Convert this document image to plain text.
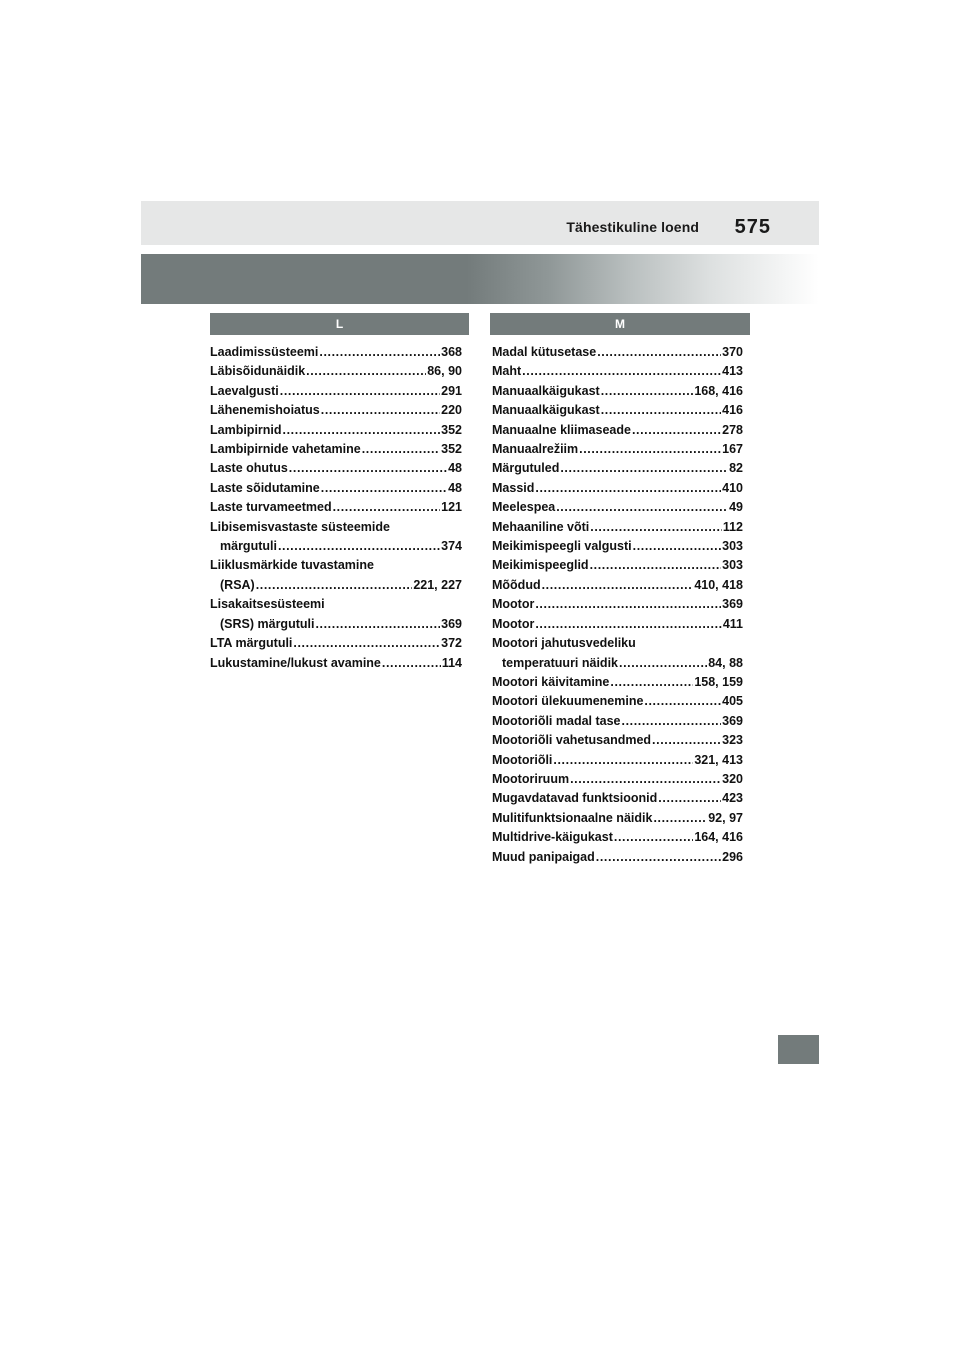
Tähestikuline loend 575
L	M
Laadimissüsteemi .....	368
Läbisõidunäidik .....	86, 90
Laevalgusti .....	291
Lähenemishoiatus .....	220
Lambipirnid .....	352
Lambipirnide vahetamine .....	352
Laste ohutus .....	48
Laste sõidutamine .....	48
Laste turvameetmed .....	121
Libisemisvastaste süsteemide
märgutuli .....	374
Liiklusmärkide tuvastamine
(RSA) .....	221, 227
Lisakaitsesüsteemi
(SRS) märgutuli .....	369
LTA märgutuli .....	372
Lukustamine/lukust avamine .....	114
Madal kütusetase .....	370
Maht .....	413
Manuaalkäigukast .....	168, 416
Manuaalkäigukast .....	416
Manuaalne kliimaseade .....	278
Manuaalrežiim .....	167
Märgutuled .....	82
Massid .....	410
Meelespea .....	49
Mehaaniline võti .....	112
Meikimispeegli valgusti .....	303
Meikimispeeglid .....	303
Mõõdud .....	410, 418
Mootor .....	369
Mootor .....	411
Mootori jahutusvedeliku
temperatuuri näidik .....	84, 88
Mootori käivitamine .....	158, 159
Mootori ülekuumenemine .....	405
Mootoriõli madal tase .....	369
Mootoriõli vahetusandmed .....	323
Mootoriõli .....	321, 413
Mootoriruum .....	320
Mugavdatavad funktsioonid .....	423
Mulitifunktsionaalne näidik .....	92, 97
Multidrive-käigukast .....	164, 416
Muud panipaigad .....	296
